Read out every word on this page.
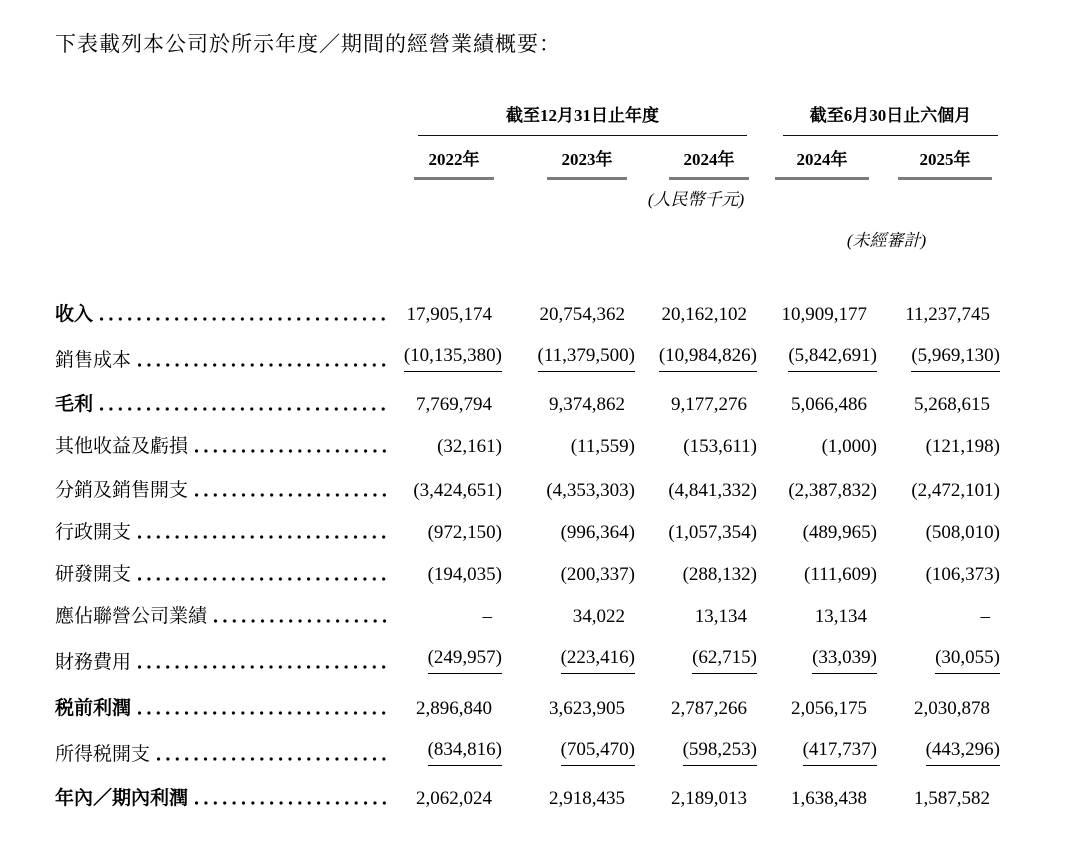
下表載列本公司於所示年度／期間的經營業績概要：
截至12月31日止年度	截至6月30日止六個月
2022年	2023年	2024年	2024年	2025年
(人民幣千元)
(未經審計)
收入	17,905,174	20,754,362 20,162,102 10,909,177 11,237,745
銷售成本	(10,135,380) (11,379,500) (10,984,826) (5,842,691) (5,969,130)
毛利	7,769,794	9,374,862 9,177,276 5,066,486 5,268,615
其他收益及虧損	(32,161)	(11,559)	(153,611)	(1,000)	(121,198)
分銷及銷售開支	(3,424,651) (4,353,303) (4,841,332) (2,387,832) (2,472,101)
行政開支	(972,150)	(996,364) (1,057,354) (489,965)	(508,010)
研發開支	(194,035)	(200,337)	(288,132) (111,609)	(106,373)
應佔聯營公司業績	–	34,022	13,134	13,134	–
財務費用	(249,957)	(223,416)	(62,715)	(33,039)	(30,055)
税前利潤	2,896,840	3,623,905 2,787,266 2,056,175 2,030,878
所得税開支	(834,816)	(705,470)	(598,253) (417,737)	(443,296)
年內／期內利潤	2,062,024	2,918,435 2,189,013 1,638,438 1,587,582
